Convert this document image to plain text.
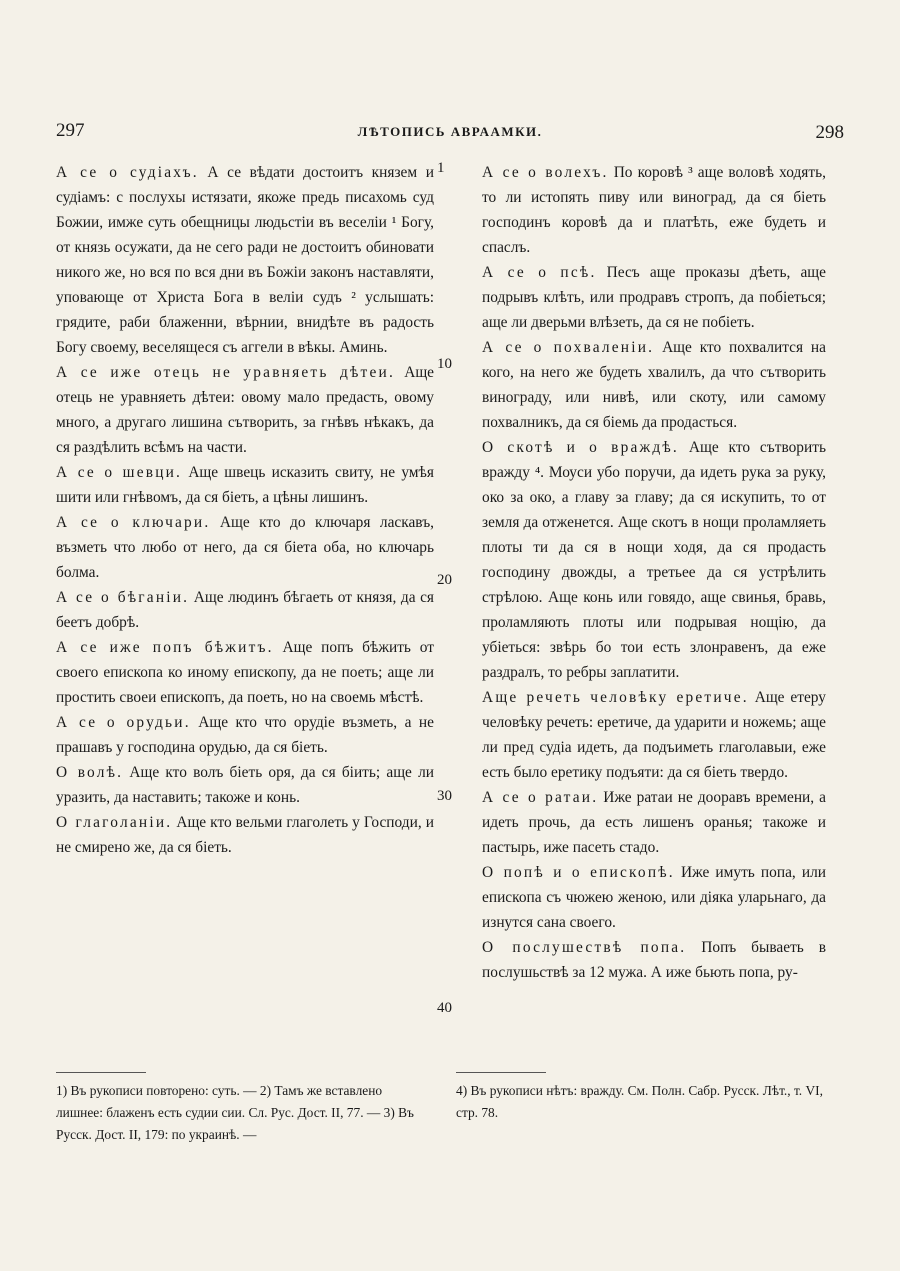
297	ЛѢТОПИСЬ АВРААМКИ.	298

А се о судіахъ. А се вѣдати достоитъ князем и судіамъ: с послухы истязати, якоже предь писахомь суд Божии, имже суть обещницы людьстіи въ веселіи ¹ Богу, от князь осужати, да не сего ради не достоитъ обиновати никого же, но вся по вся дни въ Божіи законъ наставляти, уповающе от Христа Бога в веліи судъ ² услышать: грядите, раби блаженни, вѣрнии, внидѣте въ радость Богу своему, веселящеся съ аггели в вѣкы. Аминь.

А се иже отець не уравняеть дѣтеи. Аще отець не уравняеть дѣтеи: овому мало предасть, овому много, а другаго лишина сътворить, за гнѣвъ нѣкакъ, да ся раздѣлить всѣмъ на части.

А се о шевци. Аще швець исказить свиту, не умѣя шити или гнѣвомъ, да ся біеть, а цѣны лишинъ.

А се о ключари. Аще кто до ключаря ласкавъ, възметь что любо от него, да ся біета оба, но ключарь болма.

А се о бѣганіи. Аще людинъ бѣгаеть от князя, да ся беетъ добрѣ.

А се иже попъ бѣжитъ. Аще попъ бѣжить от своего епископа ко иному епископу, да не поеть; аще ли простить своеи епископъ, да поеть, но на своемь мѣстѣ.

А се о орудьи. Аще кто что орудіе възметь, а не прашавъ у господина орудью, да ся біеть.

О волѣ. Аще кто волъ біеть оря, да ся біить; аще ли уразить, да наставить; такоже и конь.

О глаголаніи. Аще кто вельми глаголеть у Господи, и не смирено же, да ся біеть.

А се о волехъ. По коровѣ ³ аще воловѣ ходять, то ли истопять пиву или виноград, да ся біеть господинъ коровѣ да и платѣть, еже будеть и спаслъ.

А се о псѣ. Песъ аще проказы дѣеть, аще подрывъ клѣть, или продравъ стропъ, да побіеться; аще ли дверьми влѣзеть, да ся не побіеть.

А се о похваленіи. Аще кто похвалится на кого, на него же будеть хвалилъ, да что сътворить винограду, или нивѣ, или скоту, или самому похвалникъ, да ся біемь да продасться.

О скотѣ и о враждѣ. Аще кто сътворить вражду ⁴. Моуси убо поручи, да идеть рука за руку, око за око, а главу за главу; да ся искупить, то от земля да отженется. Аще скотъ в нощи проламляеть плоты ти да ся в нощи ходя, да ся продасть господину двожды, а третьее да ся устрѣлить стрѣлою. Аще конь или говядо, аще свинья, бравь, проламляють плоты или подрывая нощію, да убіеться: звѣрь бо тои есть злонравенъ, да еже раздралъ, то ребры заплатити.

Аще речеть человѣку еретиче. Аще етеру человѣку речеть: еретиче, да ударити и ножемь; аще ли пред судіа идеть, да подъиметь глаголавыи, еже есть было еретику подъяти: да ся біеть твердо.

А се о ратаи. Иже ратаи не дооравъ времени, а идеть прочь, да есть лишенъ оранья; такоже и пастырь, иже пасеть стадо.

О попѣ и о епископѣ. Иже имуть попа, или епископа съ чюжею женою, или діяка уларьнаго, да изнутся сана своего.

О послушествѣ попа. Попъ бываеть в послушьствѣ за 12 мужа. А иже бьють попа, ру-

1
10
20
30
40
1) Въ рукописи повторено: суть. — 2) Тамъ же вставлено лишнее: блаженъ есть судии сии. Сл. Рус. Дост. II, 77. — 3) Въ Русск. Дост. II, 179: по украинѣ. —
4) Въ рукописи нѣтъ: вражду. См. Полн. Сабр. Русск. Лѣт., т. VI, стр. 78.
